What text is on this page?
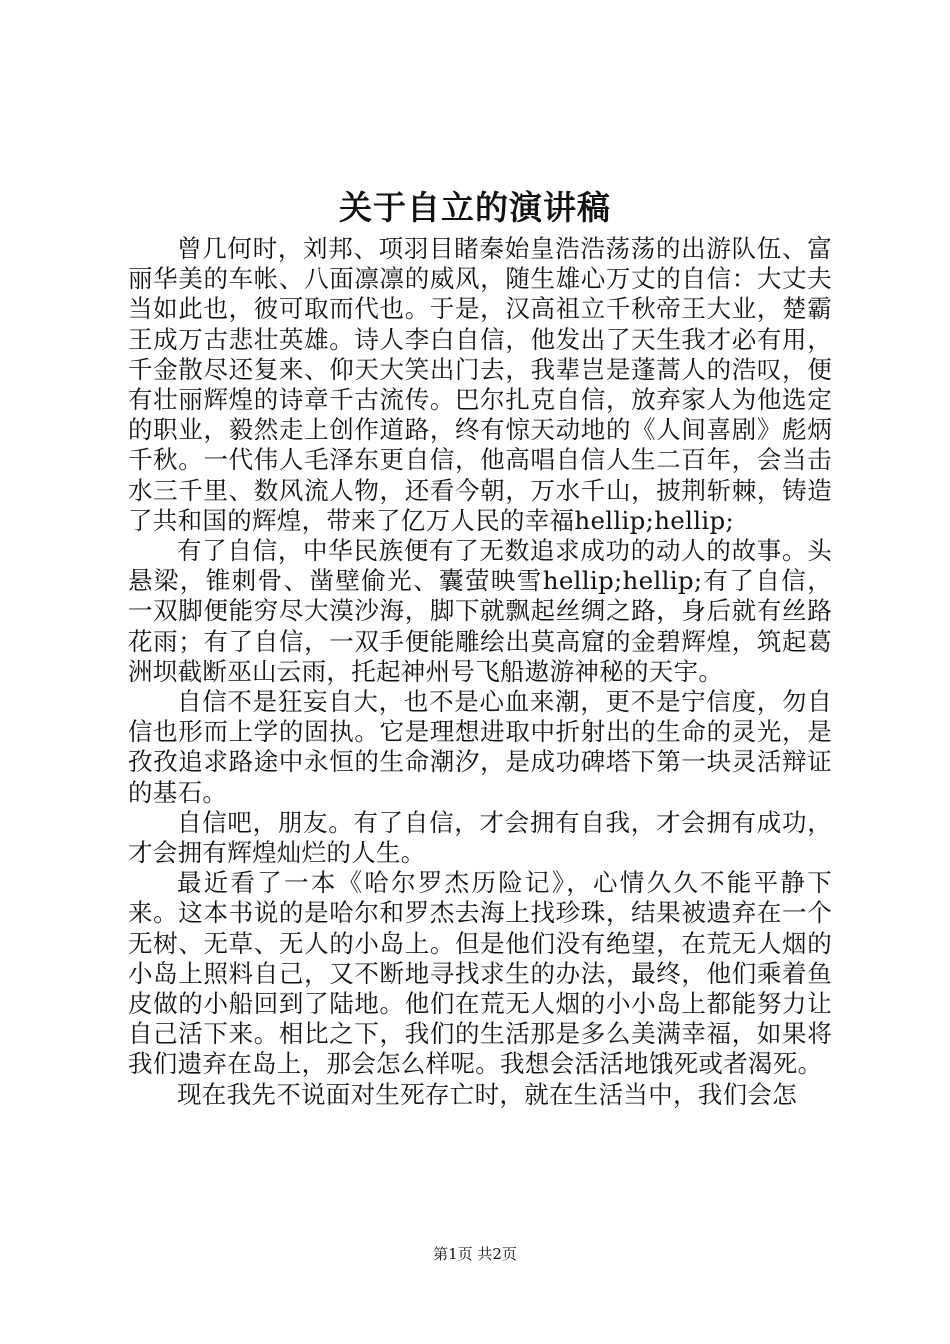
关于自立的演讲稿

曾几何时，刘邦、项羽目睹秦始皇浩浩荡荡的出游队伍、富丽华美的车帐、八面凛凛的威风，随生雄心万丈的自信：大丈夫当如此也，彼可取而代也。于是，汉高祖立千秋帝王大业，楚霸王成万古悲壮英雄。诗人李白自信，他发出了天生我才必有用，千金散尽还复来、仰天大笑出门去，我辈岂是蓬蒿人的浩叹，便有壮丽辉煌的诗章千古流传。巴尔扎克自信，放弃家人为他选定的职业，毅然走上创作道路，终有惊天动地的《人间喜剧》彪炳千秋。一代伟人毛泽东更自信，他高唱自信人生二百年，会当击水三千里、数风流人物，还看今朝，万水千山，披荆斩棘，铸造了共和国的辉煌，带来了亿万人民的幸福hellip;hellip;

有了自信，中华民族便有了无数追求成功的动人的故事。头悬梁，锥刺骨、凿壁偷光、囊萤映雪hellip;hellip;有了自信，一双脚便能穷尽大漠沙海，脚下就飘起丝绸之路，身后就有丝路花雨；有了自信，一双手便能雕绘出莫高窟的金碧辉煌，筑起葛洲坝截断巫山云雨，托起神州号飞船遨游神秘的天宇。

自信不是狂妄自大，也不是心血来潮，更不是宁信度，勿自信也形而上学的固执。它是理想进取中折射出的生命的灵光，是孜孜追求路途中永恒的生命潮汐，是成功碑塔下第一块灵活辩证的基石。

自信吧，朋友。有了自信，才会拥有自我，才会拥有成功，才会拥有辉煌灿烂的人生。

最近看了一本《哈尔罗杰历险记》，心情久久不能平静下来。这本书说的是哈尔和罗杰去海上找珍珠，结果被遗弃在一个无树、无草、无人的小岛上。但是他们没有绝望，在荒无人烟的小岛上照料自己，又不断地寻找求生的办法，最终，他们乘着鱼皮做的小船回到了陆地。他们在荒无人烟的小小岛上都能努力让自己活下来。相比之下，我们的生活那是多么美满幸福，如果将我们遗弃在岛上，那会怎么样呢。我想会活活地饿死或者渴死。

现在我先不说面对生死存亡时，就在生活当中，我们会怎

第1页 共2页
